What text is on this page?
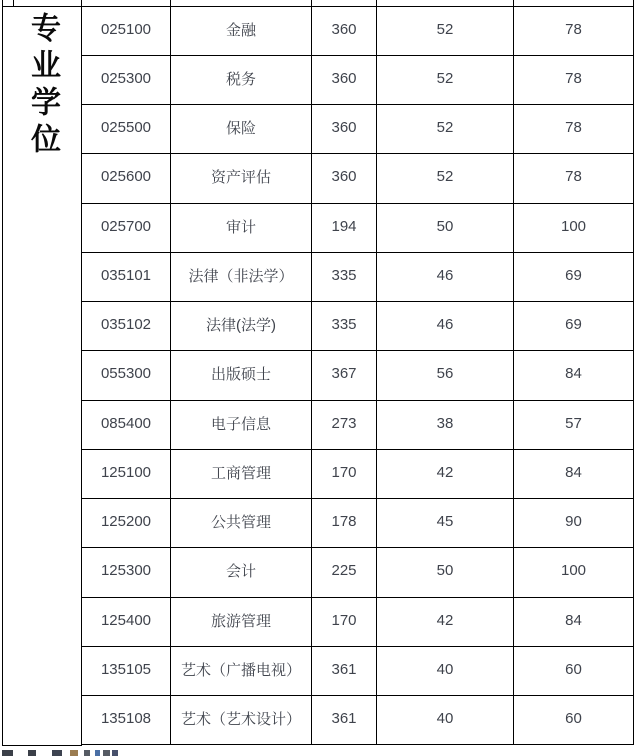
专业学位
					025100	金融	360	52	78
025300	税务	360	52	78
025500	保险	360	52	78
025600	资产评估	360	52	78
025700	审计	194	50	100
035101	法律（非法学）	335	46	69
035102	法律(法学)	335	46	69
055300	出版硕士	367	56	84
085400	电子信息	273	38	57
125100	工商管理	170	42	84
125200	公共管理	178	45	90
125300	会计	225	50	100
125400	旅游管理	170	42	84
135105	艺术（广播电视）	361	40	60
135108	艺术（艺术设计）	361	40	60
